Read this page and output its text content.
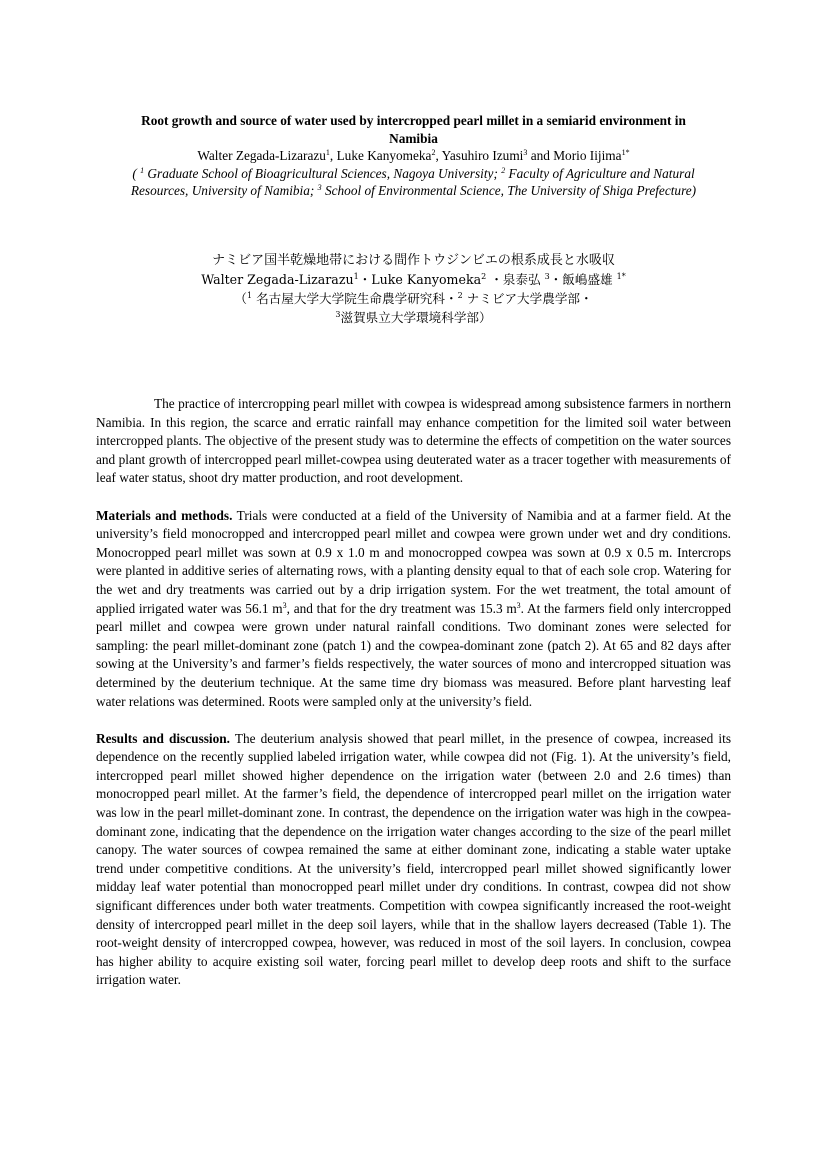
Root growth and source of water used by intercropped pearl millet in a semiarid environment in Namibia
Walter Zegada-Lizarazu$^1$, Luke Kanyomeka$^2$, Yasuhiro Izumi$^3$ and Morio Iijima$^{1*}$
( $^1$ Graduate School of Bioagricultural Sciences, Nagoya University; $^2$ Faculty of Agriculture and Natural Resources, University of Namibia; $^3$ School of Environmental Science, The University of Shiga Prefecture)
ナミビア国半乾燥地帯における間作トウジンビエの根系成長と水吸収
Walter Zegada-Lizarazu$^1$・Luke Kanyomeka$^2$ ・泉泰弘 $^3$・飯嶋盛雄 $^{1*}$
（$^1$ 名古屋大学大学院生命農学研究科・$^2$ ナミビア大学農学部・
$^3$滋賀県立大学環境科学部）

The practice of intercropping pearl millet with cowpea is widespread among subsistence farmers in northern Namibia. In this region, the scarce and erratic rainfall may enhance competition for the limited soil water between intercropped plants. The objective of the present study was to determine the effects of competition on the water sources and plant growth of intercropped pearl millet-cowpea using deuterated water as a tracer together with measurements of leaf water status, shoot dry matter production, and root development.

Materials and methods. Trials were conducted at a field of the University of Namibia and at a farmer field. At the university’s field monocropped and intercropped pearl millet and cowpea were grown under wet and dry conditions. Monocropped pearl millet was sown at 0.9 x 1.0 m and monocropped cowpea was sown at 0.9 x 0.5 m. Intercrops were planted in additive series of alternating rows, with a planting density equal to that of each sole crop. Watering for the wet and dry treatments was carried out by a drip irrigation system. For the wet treatment, the total amount of applied irrigated water was 56.1 $m^3$, and that for the dry treatment was 15.3 $m^3$. At the farmers field only intercropped pearl millet and cowpea were grown under natural rainfall conditions. Two dominant zones were selected for sampling: the pearl millet-dominant zone (patch 1) and the cowpea-dominant zone (patch 2). At 65 and 82 days after sowing at the University’s and farmer’s fields respectively, the water sources of mono and intercropped situation was determined by the deuterium technique. At the same time dry biomass was measured. Before plant harvesting leaf water relations was determined. Roots were sampled only at the university’s field.

Results and discussion. The deuterium analysis showed that pearl millet, in the presence of cowpea, increased its dependence on the recently supplied labeled irrigation water, while cowpea did not (Fig. 1). At the university’s field, intercropped pearl millet showed higher dependence on the irrigation water (between 2.0 and 2.6 times) than monocropped pearl millet. At the farmer’s field, the dependence of intercropped pearl millet on the irrigation water was low in the pearl millet-dominant zone. In contrast, the dependence on the irrigation water was high in the cowpea-dominant zone, indicating that the dependence on the irrigation water changes according to the size of the pearl millet canopy. The water sources of cowpea remained the same at either dominant zone, indicating a stable water uptake trend under competitive conditions. At the university’s field, intercropped pearl millet showed significantly lower midday leaf water potential than monocropped pearl millet under dry conditions. In contrast, cowpea did not show significant differences under both water treatments. Competition with cowpea significantly increased the root-weight density of intercropped pearl millet in the deep soil layers, while that in the shallow layers decreased (Table 1). The root-weight density of intercropped cowpea, however, was reduced in most of the soil layers. In conclusion, cowpea has higher ability to acquire existing soil water, forcing pearl millet to develop deep roots and shift to the surface irrigation water.
